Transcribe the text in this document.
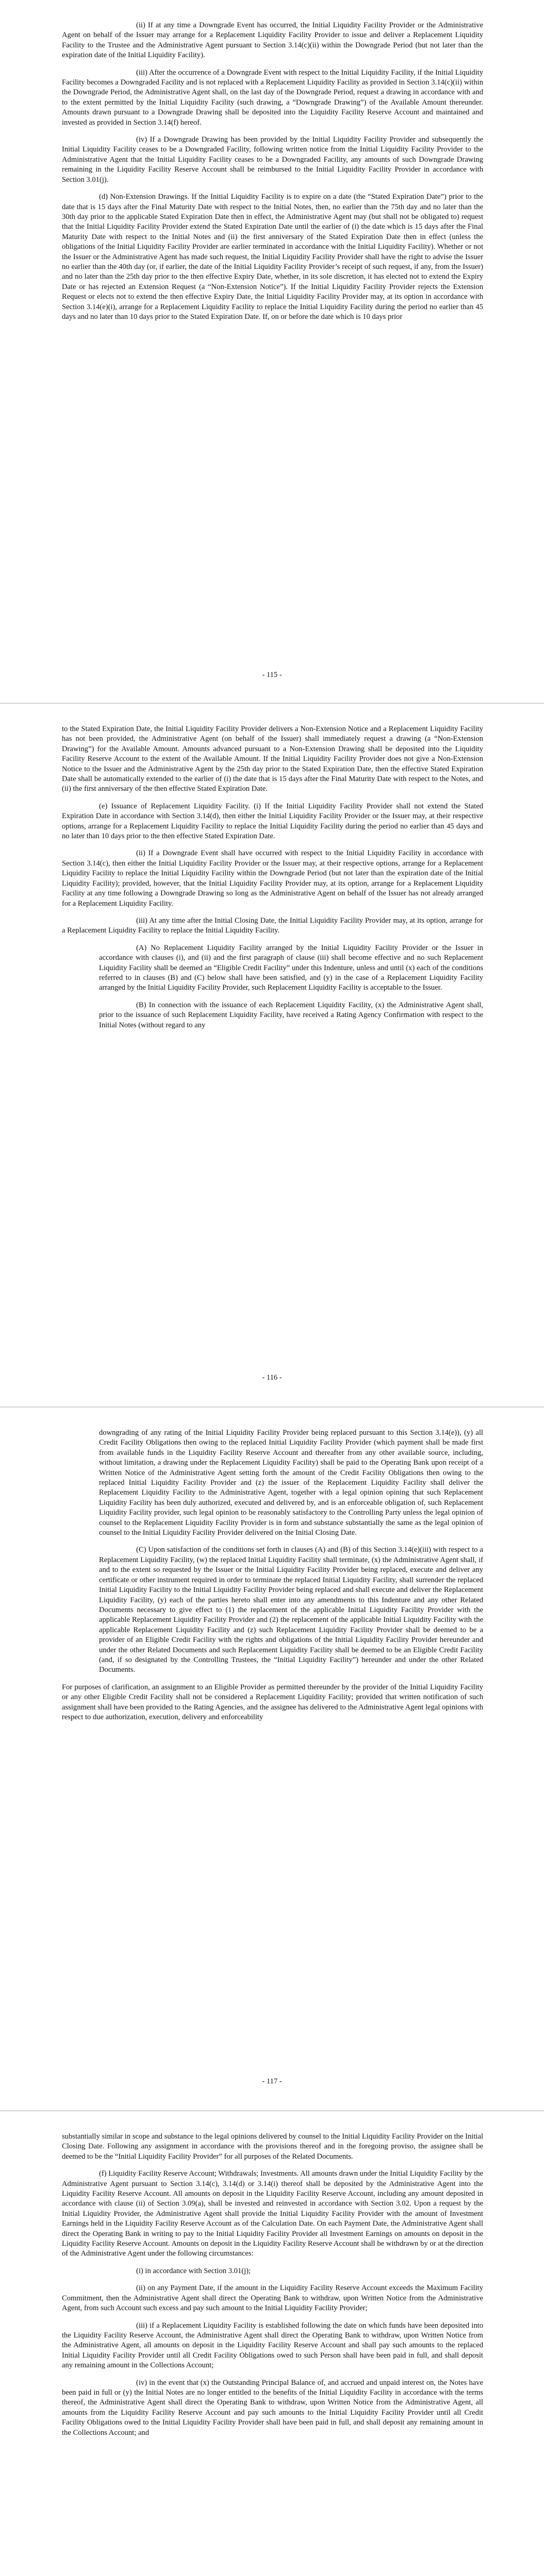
(ii) If at any time a Downgrade Event has occurred, the Initial Liquidity Facility Provider or the Administrative Agent on behalf of the Issuer may arrange for a Replacement Liquidity Facility Provider to issue and deliver a Replacement Liquidity Facility to the Trustee and the Administrative Agent pursuant to Section 3.14(c)(ii) within the Downgrade Period (but not later than the expiration date of the Initial Liquidity Facility).

(iii) After the occurrence of a Downgrade Event with respect to the Initial Liquidity Facility, if the Initial Liquidity Facility becomes a Downgraded Facility and is not replaced with a Replacement Liquidity Facility as provided in Section 3.14(c)(ii) within the Downgrade Period, the Administrative Agent shall, on the last day of the Downgrade Period, request a drawing in accordance with and to the extent permitted by the Initial Liquidity Facility (such drawing, a “Downgrade Drawing”) of the Available Amount thereunder. Amounts drawn pursuant to a Downgrade Drawing shall be deposited into the Liquidity Facility Reserve Account and maintained and invested as provided in Section 3.14(f) hereof.

(iv) If a Downgrade Drawing has been provided by the Initial Liquidity Facility Provider and subsequently the Initial Liquidity Facility ceases to be a Downgraded Facility, following written notice from the Initial Liquidity Facility Provider to the Administrative Agent that the Initial Liquidity Facility ceases to be a Downgraded Facility, any amounts of such Downgrade Drawing remaining in the Liquidity Facility Reserve Account shall be reimbursed to the Initial Liquidity Facility Provider in accordance with Section 3.01(j).

(d) Non-Extension Drawings. If the Initial Liquidity Facility is to expire on a date (the “Stated Expiration Date”) prior to the date that is 15 days after the Final Maturity Date with respect to the Initial Notes, then, no earlier than the 75th day and no later than the 30th day prior to the applicable Stated Expiration Date then in effect, the Administrative Agent may (but shall not be obligated to) request that the Initial Liquidity Facility Provider extend the Stated Expiration Date until the earlier of (i) the date which is 15 days after the Final Maturity Date with respect to the Initial Notes and (ii) the first anniversary of the Stated Expiration Date then in effect (unless the obligations of the Initial Liquidity Facility Provider are earlier terminated in accordance with the Initial Liquidity Facility). Whether or not the Issuer or the Administrative Agent has made such request, the Initial Liquidity Facility Provider shall have the right to advise the Issuer no earlier than the 40th day (or, if earlier, the date of the Initial Liquidity Facility Provider’s receipt of such request, if any, from the Issuer) and no later than the 25th day prior to the then effective Expiry Date, whether, in its sole discretion, it has elected not to extend the Expiry Date or has rejected an Extension Request (a “Non-Extension Notice”). If the Initial Liquidity Facility Provider rejects the Extension Request or elects not to extend the then effective Expiry Date, the Initial Liquidity Facility Provider may, at its option in accordance with Section 3.14(e)(i), arrange for a Replacement Liquidity Facility to replace the Initial Liquidity Facility during the period no earlier than 45 days and no later than 10 days prior to the Stated Expiration Date. If, on or before the date which is 10 days prior

- 115 -

to the Stated Expiration Date, the Initial Liquidity Facility Provider delivers a Non-Extension Notice and a Replacement Liquidity Facility has not been provided, the Administrative Agent (on behalf of the Issuer) shall immediately request a drawing (a “Non-Extension Drawing”) for the Available Amount. Amounts advanced pursuant to a Non-Extension Drawing shall be deposited into the Liquidity Facility Reserve Account to the extent of the Available Amount. If the Initial Liquidity Facility Provider does not give a Non-Extension Notice to the Issuer and the Administrative Agent by the 25th day prior to the Stated Expiration Date, then the effective Stated Expiration Date shall be automatically extended to the earlier of (i) the date that is 15 days after the Final Maturity Date with respect to the Notes, and (ii) the first anniversary of the then effective Stated Expiration Date.

(e) Issuance of Replacement Liquidity Facility. (i) If the Initial Liquidity Facility Provider shall not extend the Stated Expiration Date in accordance with Section 3.14(d), then either the Initial Liquidity Facility Provider or the Issuer may, at their respective options, arrange for a Replacement Liquidity Facility to replace the Initial Liquidity Facility during the period no earlier than 45 days and no later than 10 days prior to the then effective Stated Expiration Date.

(ii) If a Downgrade Event shall have occurred with respect to the Initial Liquidity Facility in accordance with Section 3.14(c), then either the Initial Liquidity Facility Provider or the Issuer may, at their respective options, arrange for a Replacement Liquidity Facility to replace the Initial Liquidity Facility within the Downgrade Period (but not later than the expiration date of the Initial Liquidity Facility); provided, however, that the Initial Liquidity Facility Provider may, at its option, arrange for a Replacement Liquidity Facility at any time following a Downgrade Drawing so long as the Administrative Agent on behalf of the Issuer has not already arranged for a Replacement Liquidity Facility.

(iii) At any time after the Initial Closing Date, the Initial Liquidity Facility Provider may, at its option, arrange for a Replacement Liquidity Facility to replace the Initial Liquidity Facility.

(A) No Replacement Liquidity Facility arranged by the Initial Liquidity Facility Provider or the Issuer in accordance with clauses (i), and (ii) and the first paragraph of clause (iii) shall become effective and no such Replacement Liquidity Facility shall be deemed an “Eligible Credit Facility” under this Indenture, unless and until (x) each of the conditions referred to in clauses (B) and (C) below shall have been satisfied, and (y) in the case of a Replacement Liquidity Facility arranged by the Initial Liquidity Facility Provider, such Replacement Liquidity Facility is acceptable to the Issuer.

(B) In connection with the issuance of each Replacement Liquidity Facility, (x) the Administrative Agent shall, prior to the issuance of such Replacement Liquidity Facility, have received a Rating Agency Confirmation with respect to the Initial Notes (without regard to any

- 116 -

downgrading of any rating of the Initial Liquidity Facility Provider being replaced pursuant to this Section 3.14(e)), (y) all Credit Facility Obligations then owing to the replaced Initial Liquidity Facility Provider (which payment shall be made first from available funds in the Liquidity Facility Reserve Account and thereafter from any other available source, including, without limitation, a drawing under the Replacement Liquidity Facility) shall be paid to the Operating Bank upon receipt of a Written Notice of the Administrative Agent setting forth the amount of the Credit Facility Obligations then owing to the replaced Initial Liquidity Facility Provider and (z) the issuer of the Replacement Liquidity Facility shall deliver the Replacement Liquidity Facility to the Administrative Agent, together with a legal opinion opining that such Replacement Liquidity Facility has been duly authorized, executed and delivered by, and is an enforceable obligation of, such Replacement Liquidity Facility provider, such legal opinion to be reasonably satisfactory to the Controlling Party unless the legal opinion of counsel to the Replacement Liquidity Facility Provider is in form and substance substantially the same as the legal opinion of counsel to the Initial Liquidity Facility Provider delivered on the Initial Closing Date.

(C) Upon satisfaction of the conditions set forth in clauses (A) and (B) of this Section 3.14(e)(iii) with respect to a Replacement Liquidity Facility, (w) the replaced Initial Liquidity Facility shall terminate, (x) the Administrative Agent shall, if and to the extent so requested by the Issuer or the Initial Liquidity Facility Provider being replaced, execute and deliver any certificate or other instrument required in order to terminate the replaced Initial Liquidity Facility, shall surrender the replaced Initial Liquidity Facility to the Initial Liquidity Facility Provider being replaced and shall execute and deliver the Replacement Liquidity Facility, (y) each of the parties hereto shall enter into any amendments to this Indenture and any other Related Documents necessary to give effect to (1) the replacement of the applicable Initial Liquidity Facility Provider with the applicable Replacement Liquidity Facility Provider and (2) the replacement of the applicable Initial Liquidity Facility with the applicable Replacement Liquidity Facility and (z) such Replacement Liquidity Facility Provider shall be deemed to be a provider of an Eligible Credit Facility with the rights and obligations of the Initial Liquidity Facility Provider hereunder and under the other Related Documents and such Replacement Liquidity Facility shall be deemed to be an Eligible Credit Facility (and, if so designated by the Controlling Trustees, the “Initial Liquidity Facility”) hereunder and under the other Related Documents.

For purposes of clarification, an assignment to an Eligible Provider as permitted thereunder by the provider of the Initial Liquidity Facility or any other Eligible Credit Facility shall not be considered a Replacement Liquidity Facility; provided that written notification of such assignment shall have been provided to the Rating Agencies, and the assignee has delivered to the Administrative Agent legal opinions with respect to due authorization, execution, delivery and enforceability

- 117 -

substantially similar in scope and substance to the legal opinions delivered by counsel to the Initial Liquidity Facility Provider on the Initial Closing Date. Following any assignment in accordance with the provisions thereof and in the foregoing proviso, the assignee shall be deemed to be the “Initial Liquidity Facility Provider” for all purposes of the Related Documents.

(f) Liquidity Facility Reserve Account; Withdrawals; Investments. All amounts drawn under the Initial Liquidity Facility by the Administrative Agent pursuant to Section 3.14(c), 3.14(d) or 3.14(i) thereof shall be deposited by the Administrative Agent into the Liquidity Facility Reserve Account. All amounts on deposit in the Liquidity Facility Reserve Account, including any amount deposited in accordance with clause (ii) of Section 3.09(a), shall be invested and reinvested in accordance with Section 3.02. Upon a request by the Initial Liquidity Provider, the Administrative Agent shall provide the Initial Liquidity Facility Provider with the amount of Investment Earnings held in the Liquidity Facility Reserve Account as of the Calculation Date. On each Payment Date, the Administrative Agent shall direct the Operating Bank in writing to pay to the Initial Liquidity Facility Provider all Investment Earnings on amounts on deposit in the Liquidity Facility Reserve Account. Amounts on deposit in the Liquidity Facility Reserve Account shall be withdrawn by or at the direction of the Administrative Agent under the following circumstances:

(i) in accordance with Section 3.01(j);

(ii) on any Payment Date, if the amount in the Liquidity Facility Reserve Account exceeds the Maximum Facility Commitment, then the Administrative Agent shall direct the Operating Bank to withdraw, upon Written Notice from the Administrative Agent, from such Account such excess and pay such amount to the Initial Liquidity Facility Provider;

(iii) if a Replacement Liquidity Facility is established following the date on which funds have been deposited into the Liquidity Facility Reserve Account, the Administrative Agent shall direct the Operating Bank to withdraw, upon Written Notice from the Administrative Agent, all amounts on deposit in the Liquidity Facility Reserve Account and shall pay such amounts to the replaced Initial Liquidity Facility Provider until all Credit Facility Obligations owed to such Person shall have been paid in full, and shall deposit any remaining amount in the Collections Account;

(iv) in the event that (x) the Outstanding Principal Balance of, and accrued and unpaid interest on, the Notes have been paid in full or (y) the Initial Notes are no longer entitled to the benefits of the Initial Liquidity Facility in accordance with the terms thereof, the Administrative Agent shall direct the Operating Bank to withdraw, upon Written Notice from the Administrative Agent, all amounts from the Liquidity Facility Reserve Account and pay such amounts to the Initial Liquidity Facility Provider until all Credit Facility Obligations owed to the Initial Liquidity Facility Provider shall have been paid in full, and shall deposit any remaining amount in the Collections Account; and
